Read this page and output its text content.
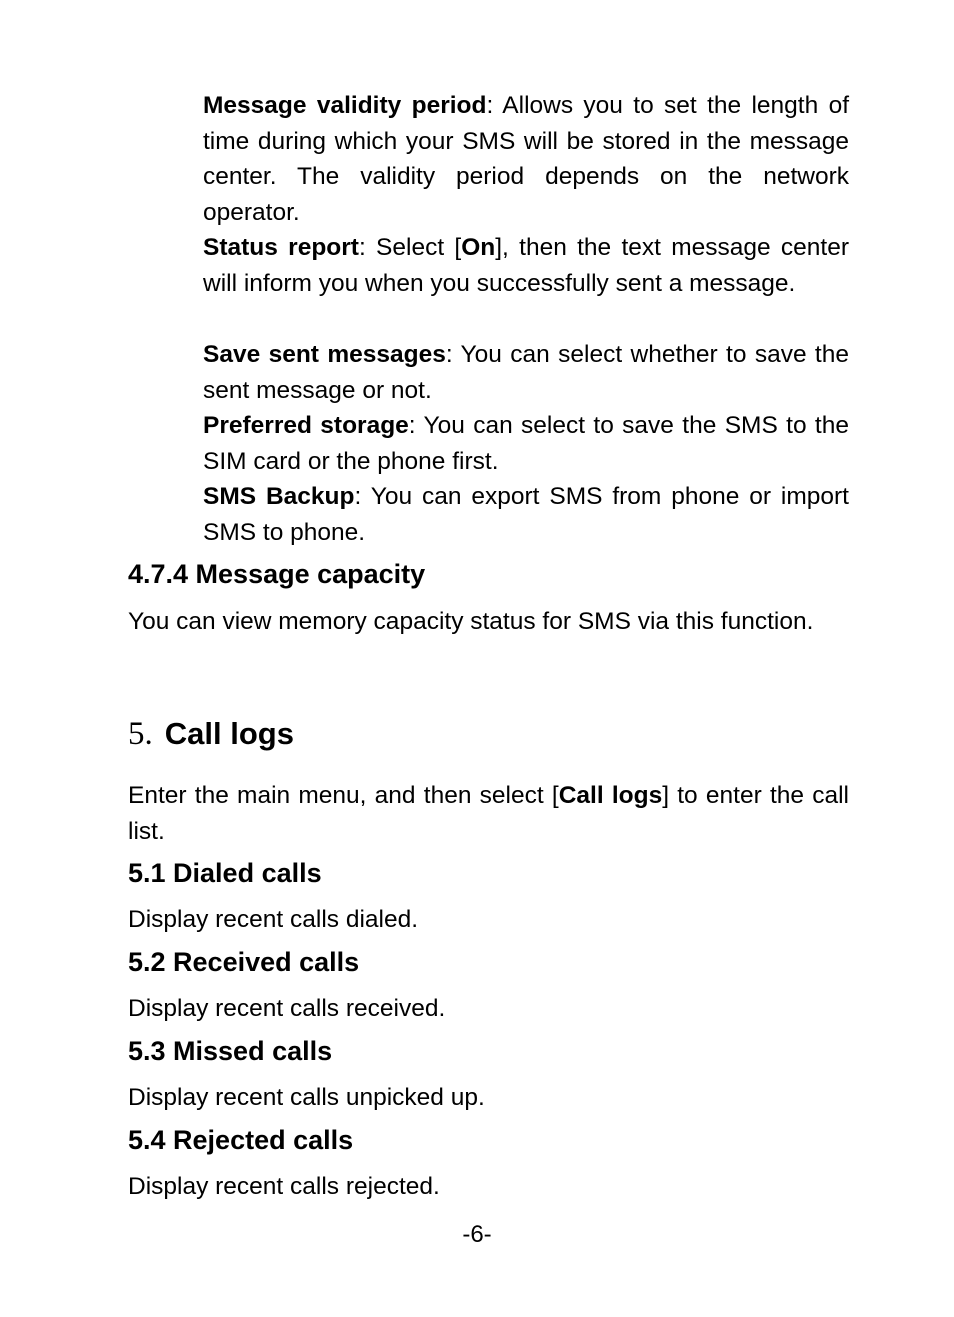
Message validity period: Allows you to set the length of time during which your SMS will be stored in the message center. The validity period depends on the network operator.

Status report: Select [On], then the text message center will inform you when you successfully sent a message.

Save sent messages: You can select whether to save the sent message or not.

Preferred storage: You can select to save the SMS to the SIM card or the phone first.

SMS Backup: You can export SMS from phone or import SMS to phone.

4.7.4 Message capacity

You can view memory capacity status for SMS via this function.

5. Call logs

Enter the main menu, and then select [Call logs] to enter the call list.

5.1 Dialed calls

Display recent calls dialed.

5.2 Received calls

Display recent calls received.

5.3 Missed calls

Display recent calls unpicked up.

5.4 Rejected calls

Display recent calls rejected.

-6-
